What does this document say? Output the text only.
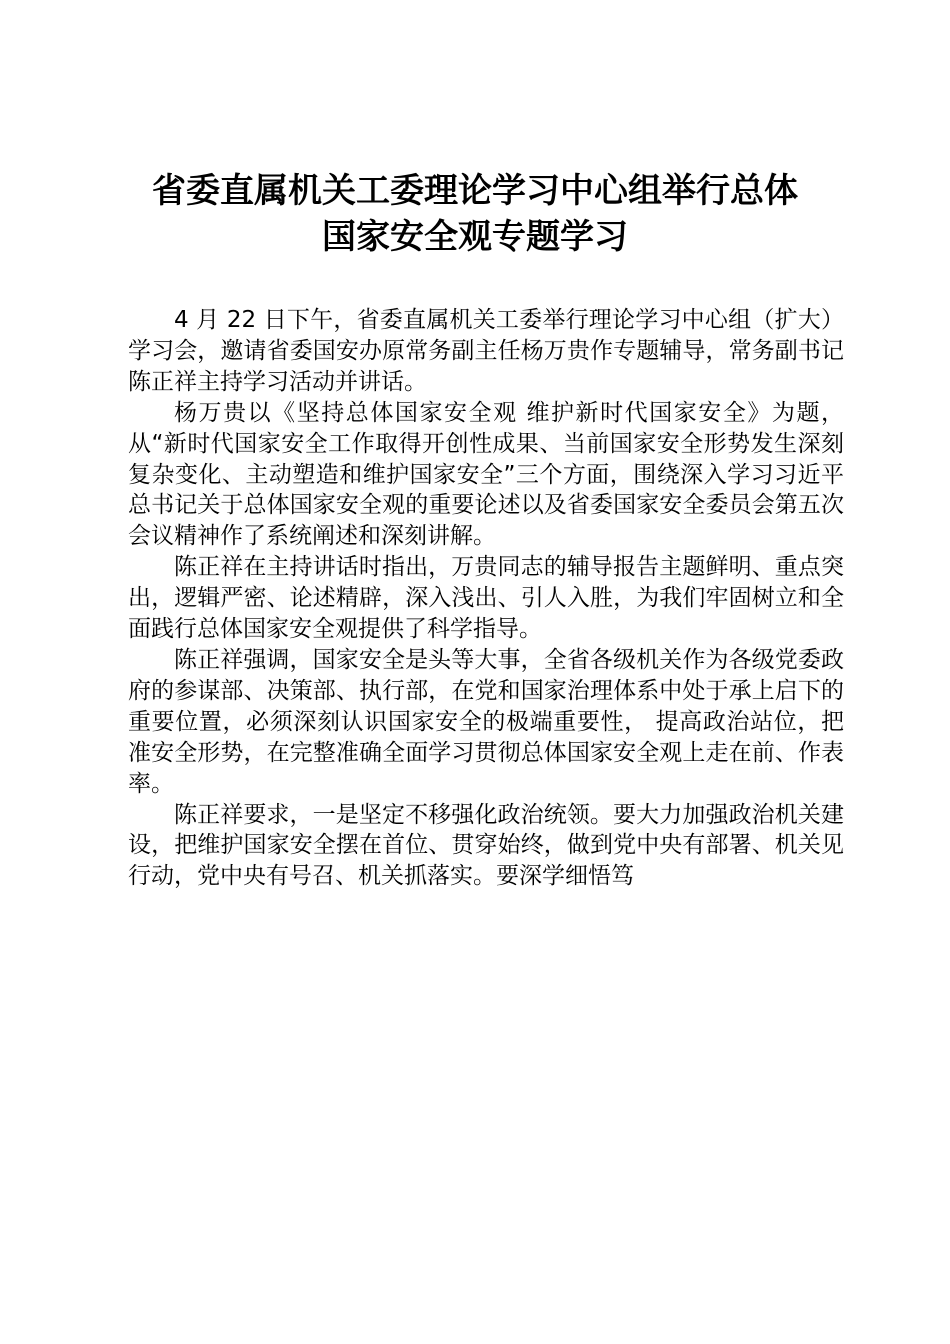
省委直属机关工委理论学习中心组举行总体
国家安全观专题学习

4 月 22 日下午，省委直属机关工委举行理论学习中心组（扩大）学习会，邀请省委国安办原常务副主任杨万贵作专题辅导，常务副书记陈正祥主持学习活动并讲话。

杨万贵以《坚持总体国家安全观 维护新时代国家安全》为题，从“新时代国家安全工作取得开创性成果、当前国家安全形势发生深刻复杂变化、主动塑造和维护国家安全”三个方面，围绕深入学习习近平总书记关于总体国家安全观的重要论述以及省委国家安全委员会第五次会议精神作了系统阐述和深刻讲解。

陈正祥在主持讲话时指出，万贵同志的辅导报告主题鲜明、重点突出，逻辑严密、论述精辟，深入浅出、引人入胜，为我们牢固树立和全面践行总体国家安全观提供了科学指导。

陈正祥强调，国家安全是头等大事，全省各级机关作为各级党委政府的参谋部、决策部、执行部，在党和国家治理体系中处于承上启下的重要位置，必须深刻认识国家安全的极端重要性， 提高政治站位，把准安全形势，在完整准确全面学习贯彻总体国家安全观上走在前、作表率。

陈正祥要求，一是坚定不移强化政治统领。要大力加强政治机关建设，把维护国家安全摆在首位、贯穿始终，做到党中央有部署、机关见行动，党中央有号召、机关抓落实。要深学细悟笃
